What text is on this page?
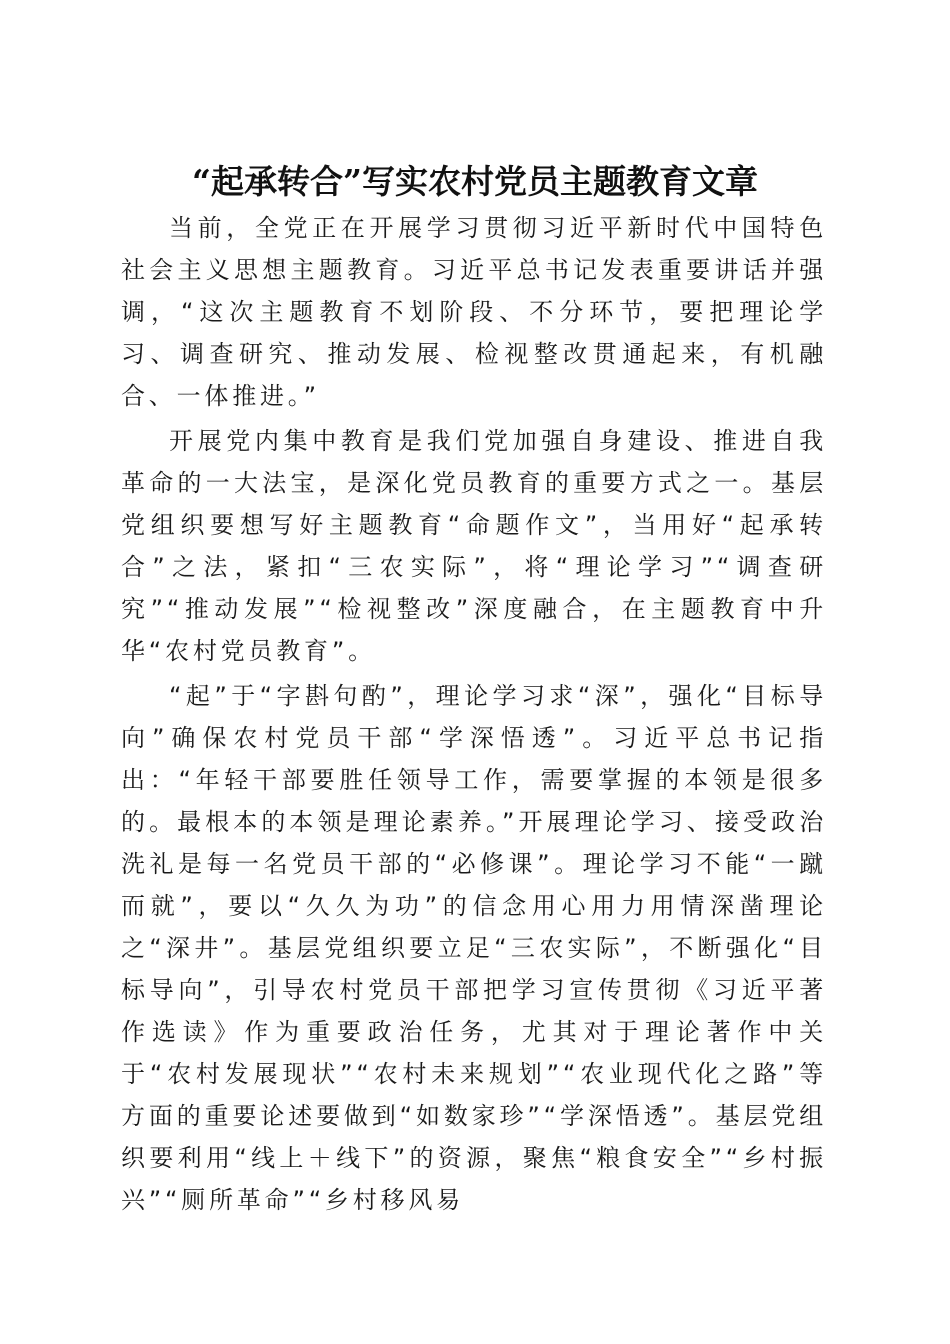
“起承转合”写实农村党员主题教育文章

当前，全党正在开展学习贯彻习近平新时代中国特色社会主义思想主题教育。习近平总书记发表重要讲话并强调，“这次主题教育不划阶段、不分环节，要把理论学习、调查研究、推动发展、检视整改贯通起来，有机融合、一体推进。”

开展党内集中教育是我们党加强自身建设、推进自我革命的一大法宝，是深化党员教育的重要方式之一。基层党组织要想写好主题教育“命题作文”，当用好“起承转合”之法，紧扣“三农实际”，将“理论学习”“调查研究”“推动发展”“检视整改”深度融合，在主题教育中升华“农村党员教育”。

“起”于“字斟句酌”，理论学习求“深”，强化“目标导向”确保农村党员干部“学深悟透”。习近平总书记指出：“年轻干部要胜任领导工作，需要掌握的本领是很多的。最根本的本领是理论素养。”开展理论学习、接受政治洗礼是每一名党员干部的“必修课”。理论学习不能“一蹴而就”，要以“久久为功”的信念用心用力用情深凿理论之“深井”。基层党组织要立足“三农实际”，不断强化“目标导向”，引导农村党员干部把学习宣传贯彻《习近平著作选读》作为重要政治任务，尤其对于理论著作中关于“农村发展现状”“农村未来规划”“农业现代化之路”等方面的重要论述要做到“如数家珍”“学深悟透”。基层党组织要利用“线上＋线下”的资源，聚焦“粮食安全”“乡村振兴”“厕所革命”“乡村移风易
